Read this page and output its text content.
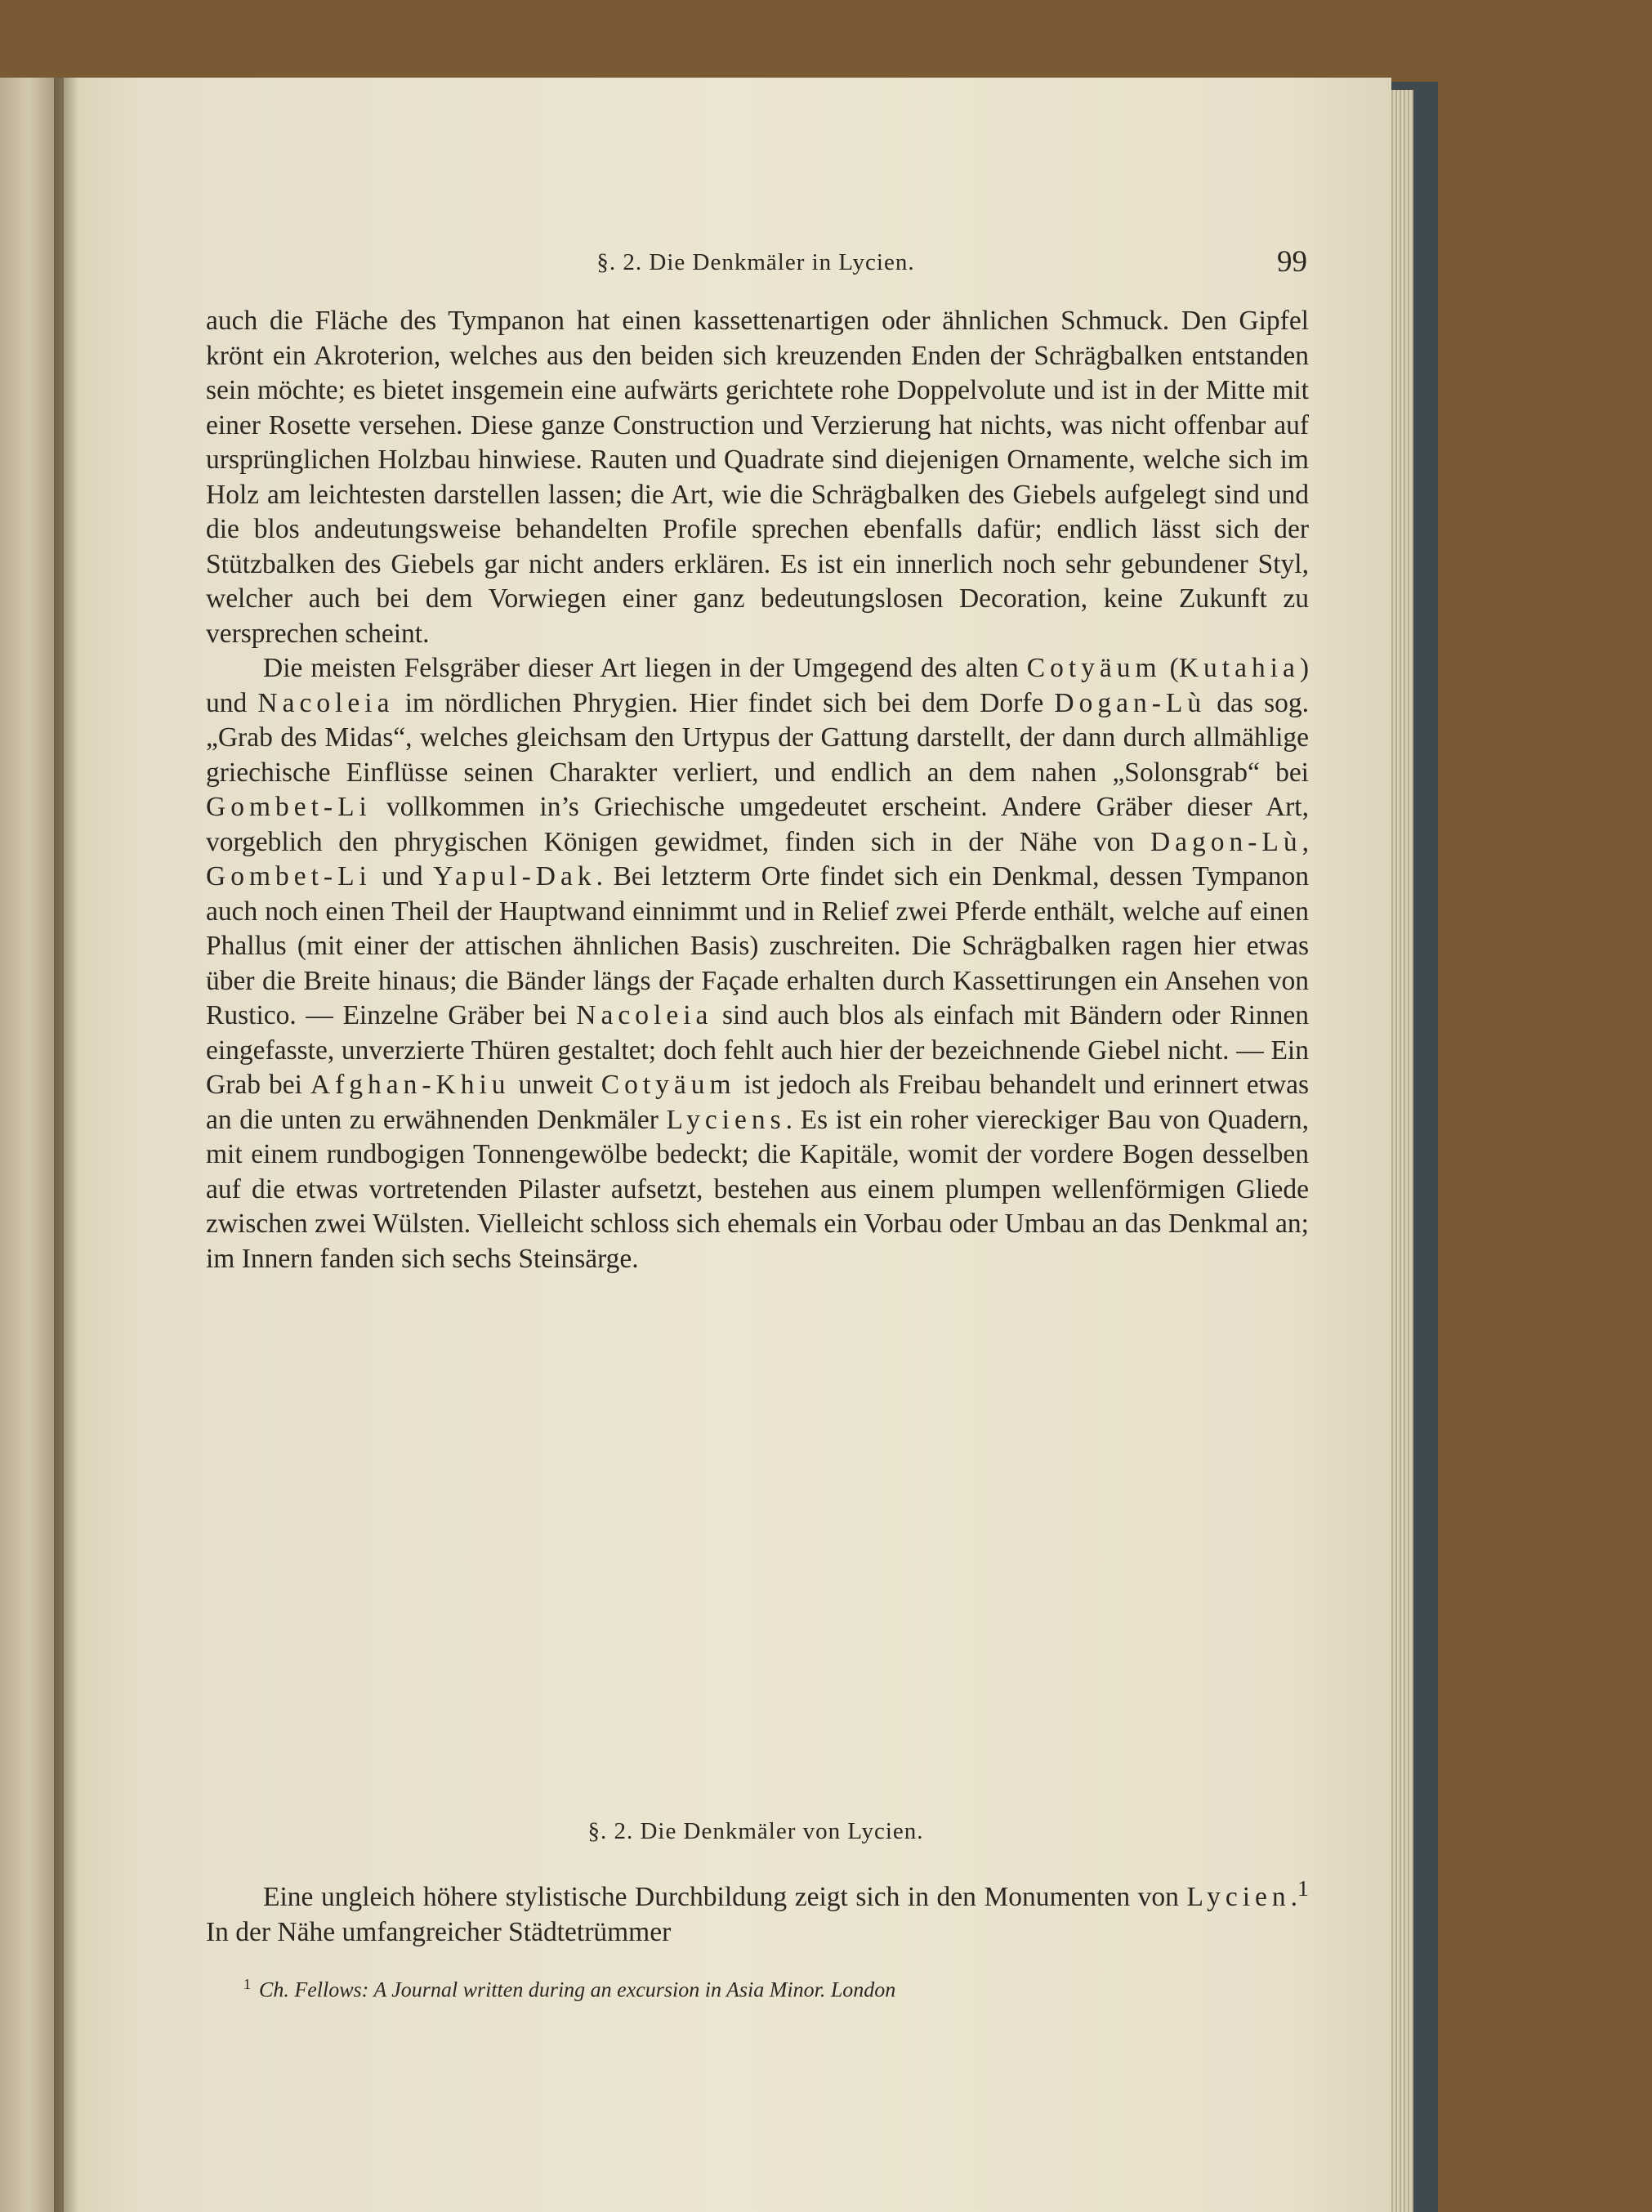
§. 2. Die Denkmäler in Lycien.	99

auch die Fläche des Tympanon hat einen kassettenartigen oder ähnlichen Schmuck. Den Gipfel krönt ein Akroterion, welches aus den beiden sich kreuzenden Enden der Schrägbalken entstanden sein möchte; es bietet insgemein eine aufwärts gerichtete rohe Doppelvolute und ist in der Mitte mit einer Rosette versehen. Diese ganze Construction und Verzierung hat nichts, was nicht offenbar auf ursprünglichen Holzbau hinwiese. Rauten und Quadrate sind diejenigen Ornamente, welche sich im Holz am leichtesten darstellen lassen; die Art, wie die Schrägbalken des Giebels aufgelegt sind und die blos andeutungsweise behandelten Profile sprechen ebenfalls dafür; endlich lässt sich der Stützbalken des Giebels gar nicht anders erklären. Es ist ein innerlich noch sehr gebundener Styl, welcher auch bei dem Vorwiegen einer ganz bedeutungslosen Decoration, keine Zukunft zu versprechen scheint.

Die meisten Felsgräber dieser Art liegen in der Umgegend des alten Cotyäum (Kutahia) und Nacoleia im nördlichen Phrygien. Hier findet sich bei dem Dorfe Dogan-Lù das sog. „Grab des Midas“, welches gleichsam den Urtypus der Gattung darstellt, der dann durch allmählige griechische Einflüsse seinen Charakter verliert, und endlich an dem nahen „Solonsgrab“ bei Gombet-Li vollkommen in’s Griechische umgedeutet erscheint. Andere Gräber dieser Art, vorgeblich den phrygischen Königen gewidmet, finden sich in der Nähe von Dagon-Lù, Gombet-Li und Yapul-Dak. Bei letzterm Orte findet sich ein Denkmal, dessen Tympanon auch noch einen Theil der Hauptwand einnimmt und in Relief zwei Pferde enthält, welche auf einen Phallus (mit einer der attischen ähnlichen Basis) zuschreiten. Die Schrägbalken ragen hier etwas über die Breite hinaus; die Bänder längs der Façade erhalten durch Kassettirungen ein Ansehen von Rustico. — Einzelne Gräber bei Nacoleia sind auch blos als einfach mit Bändern oder Rinnen eingefasste, unverzierte Thüren gestaltet; doch fehlt auch hier der bezeichnende Giebel nicht. — Ein Grab bei Afghan-Khiu unweit Cotyäum ist jedoch als Freibau behandelt und erinnert etwas an die unten zu erwähnenden Denkmäler Lyciens. Es ist ein roher viereckiger Bau von Quadern, mit einem rundbogigen Tonnengewölbe bedeckt; die Kapitäle, womit der vordere Bogen desselben auf die etwas vortretenden Pilaster aufsetzt, bestehen aus einem plumpen wellenförmigen Gliede zwischen zwei Wülsten. Vielleicht schloss sich ehemals ein Vorbau oder Umbau an das Denkmal an; im Innern fanden sich sechs Steinsärge.

§. 2. Die Denkmäler von Lycien.

Eine ungleich höhere stylistische Durchbildung zeigt sich in den Monumenten von Lycien.$^1$ In der Nähe umfangreicher Städtetrümmer

$^1$ Ch. Fellows: A Journal written during an excursion in Asia Minor. London
